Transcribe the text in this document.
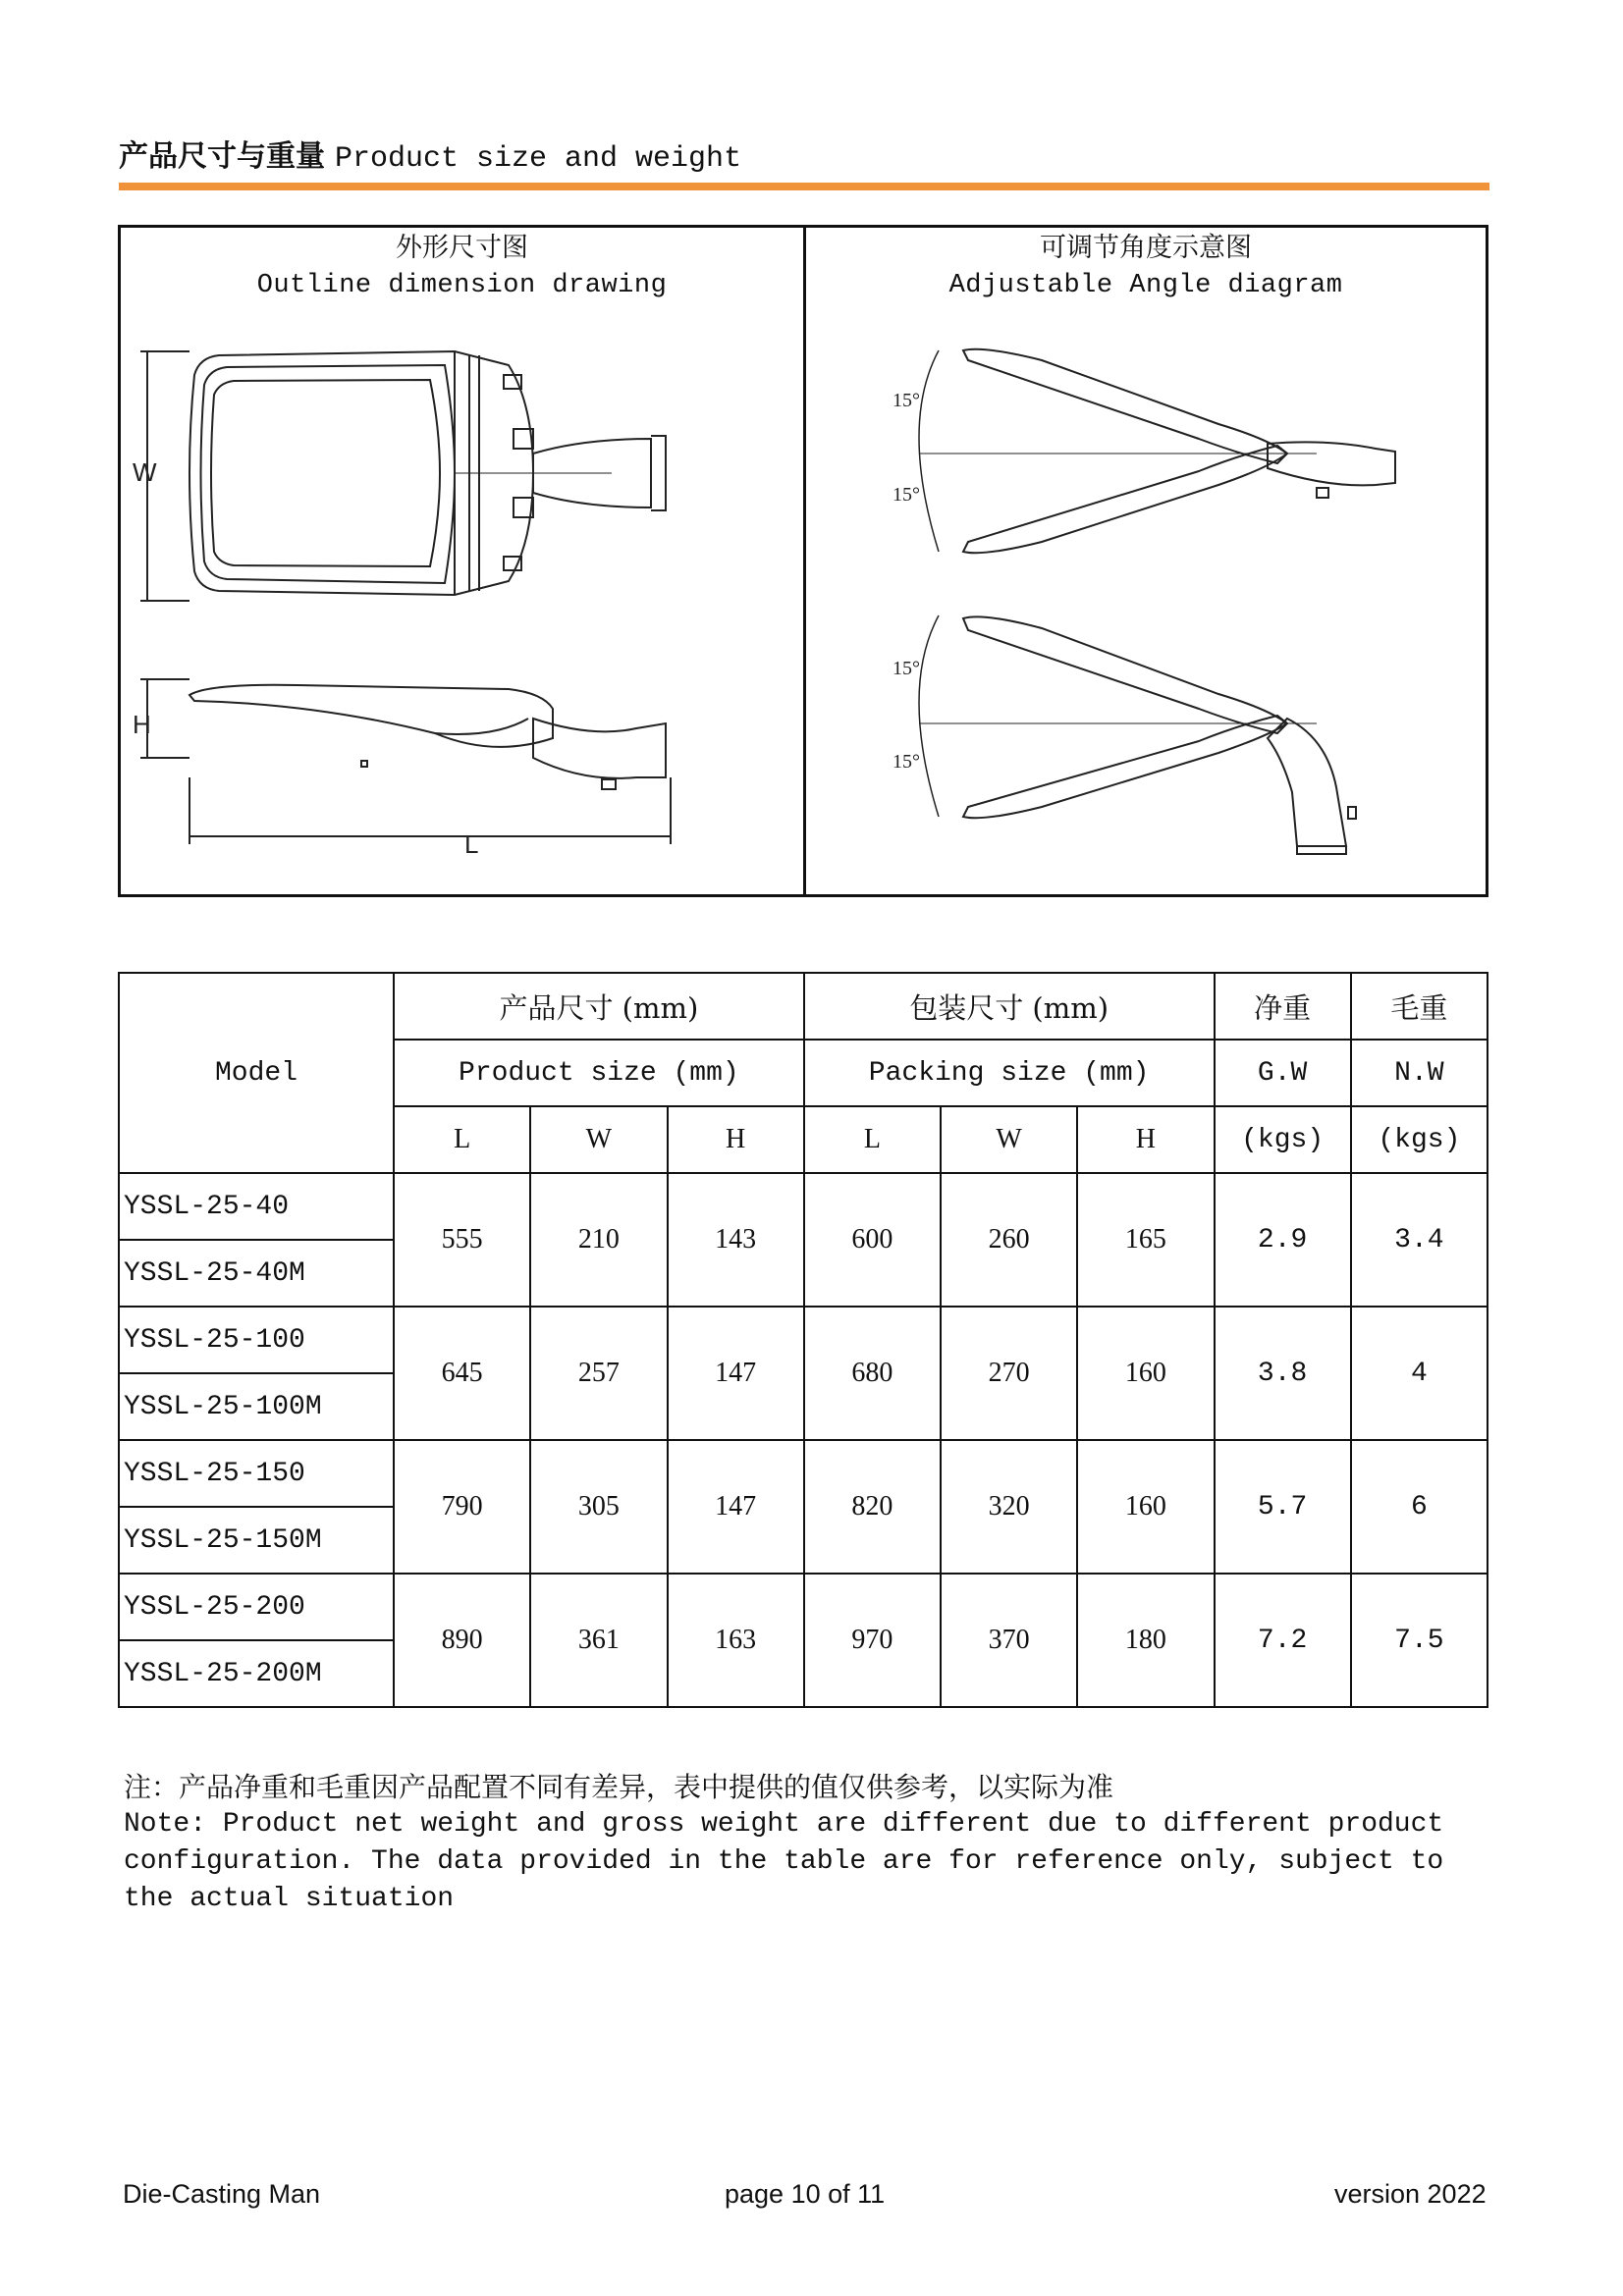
产品尺寸与重量 Product size and weight
外形尺寸图
Outline dimension drawing
可调节角度示意图
Adjustable Angle diagram
W
H
L
15°
15°
15°
15°
Model	产品尺寸 (mm)			包装尺寸 (mm)			净重	毛重
	Product size (mm)			Packing size (mm)			G.W	N.W
	L	W	H	L	W	H	(kgs)	(kgs)
YSSL-25-40	555	210	143	600	260	165	2.9	3.4
YSSL-25-40M								
YSSL-25-100	645	257	147	680	270	160	3.8	4
YSSL-25-100M								
YSSL-25-150	790	305	147	820	320	160	5.7	6
YSSL-25-150M								
YSSL-25-200	890	361	163	970	370	180	7.2	7.5
YSSL-25-200M								
注：产品净重和毛重因产品配置不同有差异，表中提供的值仅供参考，以实际为准
Note: Product net weight and gross weight are different due to different product configuration. The data provided in the table are for reference only, subject to the actual situation
Die-Casting Man	page 10 of 11	version 2022
